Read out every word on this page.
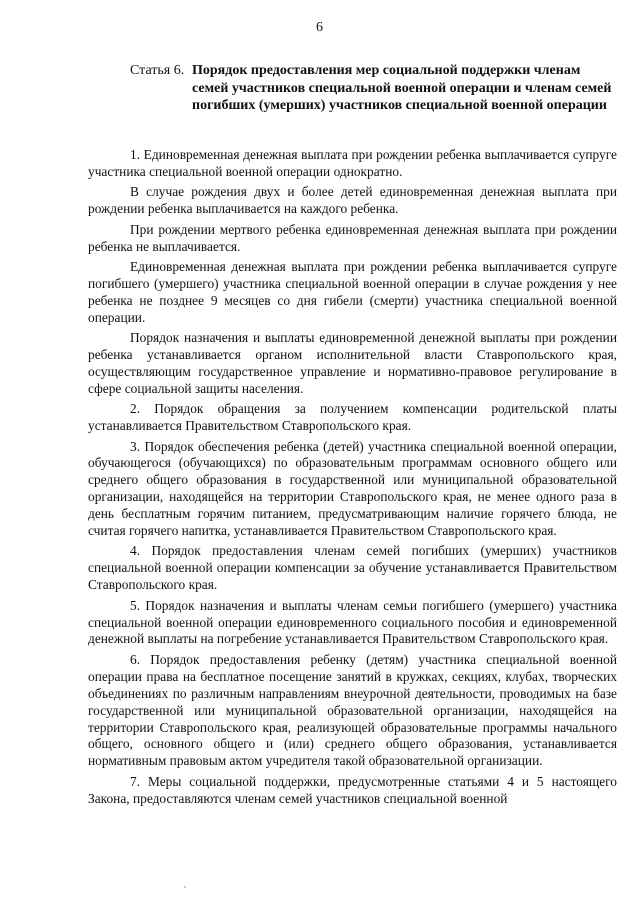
6
Статья 6. Порядок предоставления мер социальной поддержки членам семей участников специальной военной операции и членам семей погибших (умерших) участников специальной военной операции

1. Единовременная денежная выплата при рождении ребенка выплачивается супруге участника специальной военной операции однократно.

В случае рождения двух и более детей единовременная денежная выплата при рождении ребенка выплачивается на каждого ребенка.

При рождении мертвого ребенка единовременная денежная выплата при рождении ребенка не выплачивается.

Единовременная денежная выплата при рождении ребенка выплачивается супруге погибшего (умершего) участника специальной военной операции в случае рождения у нее ребенка не позднее 9 месяцев со дня гибели (смерти) участника специальной военной операции.

Порядок назначения и выплаты единовременной денежной выплаты при рождении ребенка устанавливается органом исполнительной власти Ставропольского края, осуществляющим государственное управление и нормативно-правовое регулирование в сфере социальной защиты населения.

2. Порядок обращения за получением компенсации родительской платы устанавливается Правительством Ставропольского края.

3. Порядок обеспечения ребенка (детей) участника специальной военной операции, обучающегося (обучающихся) по образовательным программам основного общего или среднего общего образования в государственной или муниципальной образовательной организации, находящейся на территории Ставропольского края, не менее одного раза в день бесплатным горячим питанием, предусматривающим наличие горячего блюда, не считая горячего напитка, устанавливается Правительством Ставропольского края.

4. Порядок предоставления членам семей погибших (умерших) участников специальной военной операции компенсации за обучение устанавливается Правительством Ставропольского края.

5. Порядок назначения и выплаты членам семьи погибшего (умершего) участника специальной военной операции единовременного социального пособия и единовременной денежной выплаты на погребение устанавливается Правительством Ставропольского края.

6. Порядок предоставления ребенку (детям) участника специальной военной операции права на бесплатное посещение занятий в кружках, секциях, клубах, творческих объединениях по различным направлениям внеурочной деятельности, проводимых на базе государственной или муниципальной образовательной организации, находящейся на территории Ставропольского края, реализующей образовательные программы начального общего, основного общего и (или) среднего общего образования, устанавливается нормативным правовым актом учредителя такой образовательной организации.

7. Меры социальной поддержки, предусмотренные статьями 4 и 5 настоящего Закона, предоставляются членам семей участников специальной военной
